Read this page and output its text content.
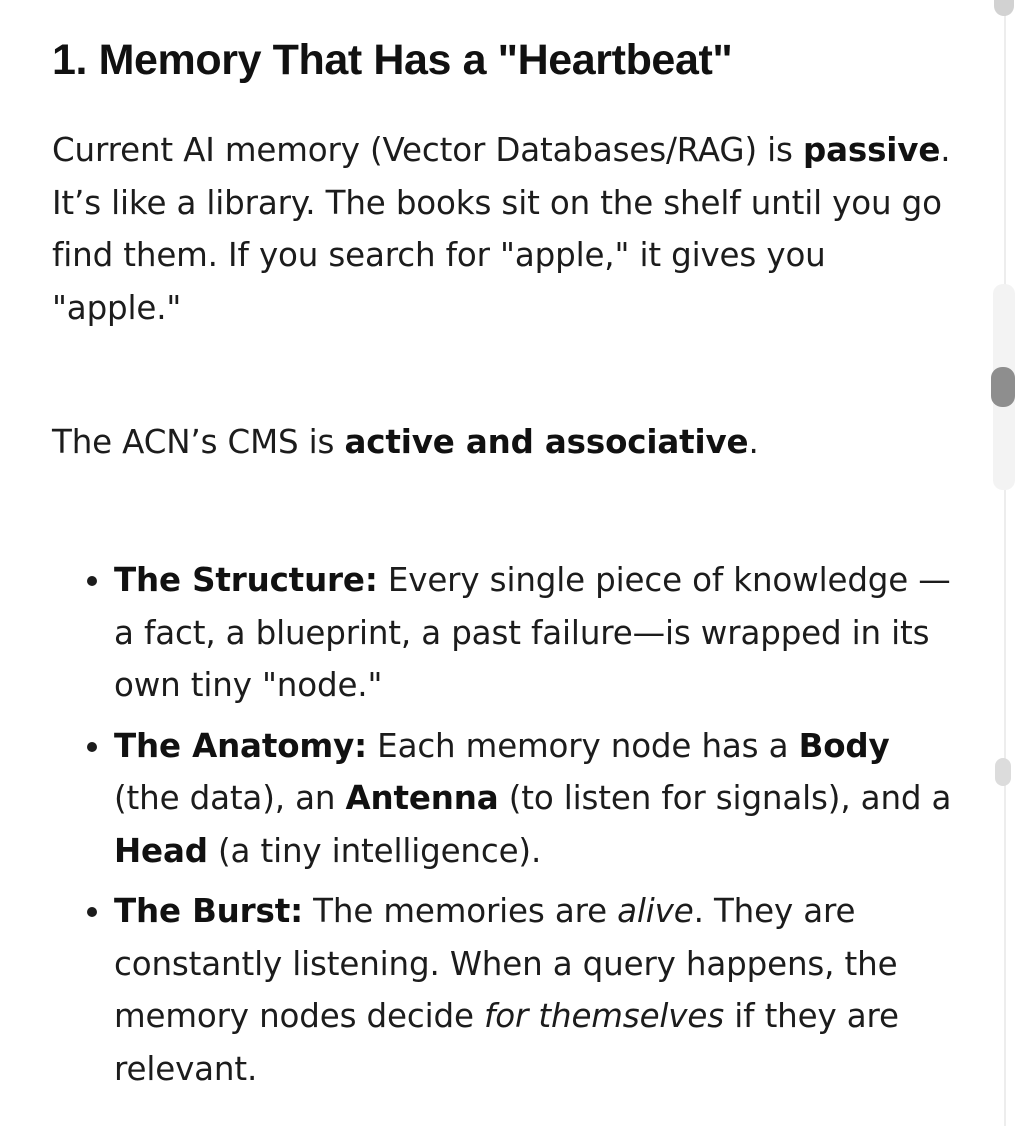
1. Memory That Has a "Heartbeat"

Current AI memory (Vector Databases/RAG) is passive. It’s like a library. The books sit on the shelf until you go find them. If you search for "apple," it gives you "apple."

The ACN’s CMS is active and associative.

• The Structure: Every single piece of knowledge —a fact, a blueprint, a past failure—is wrapped in its own tiny "node."
• The Anatomy: Each memory node has a Body (the data), an Antenna (to listen for signals), and a Head (a tiny intelligence).
• The Burst: The memories are alive. They are constantly listening. When a query happens, the memory nodes decide for themselves if they are relevant.
